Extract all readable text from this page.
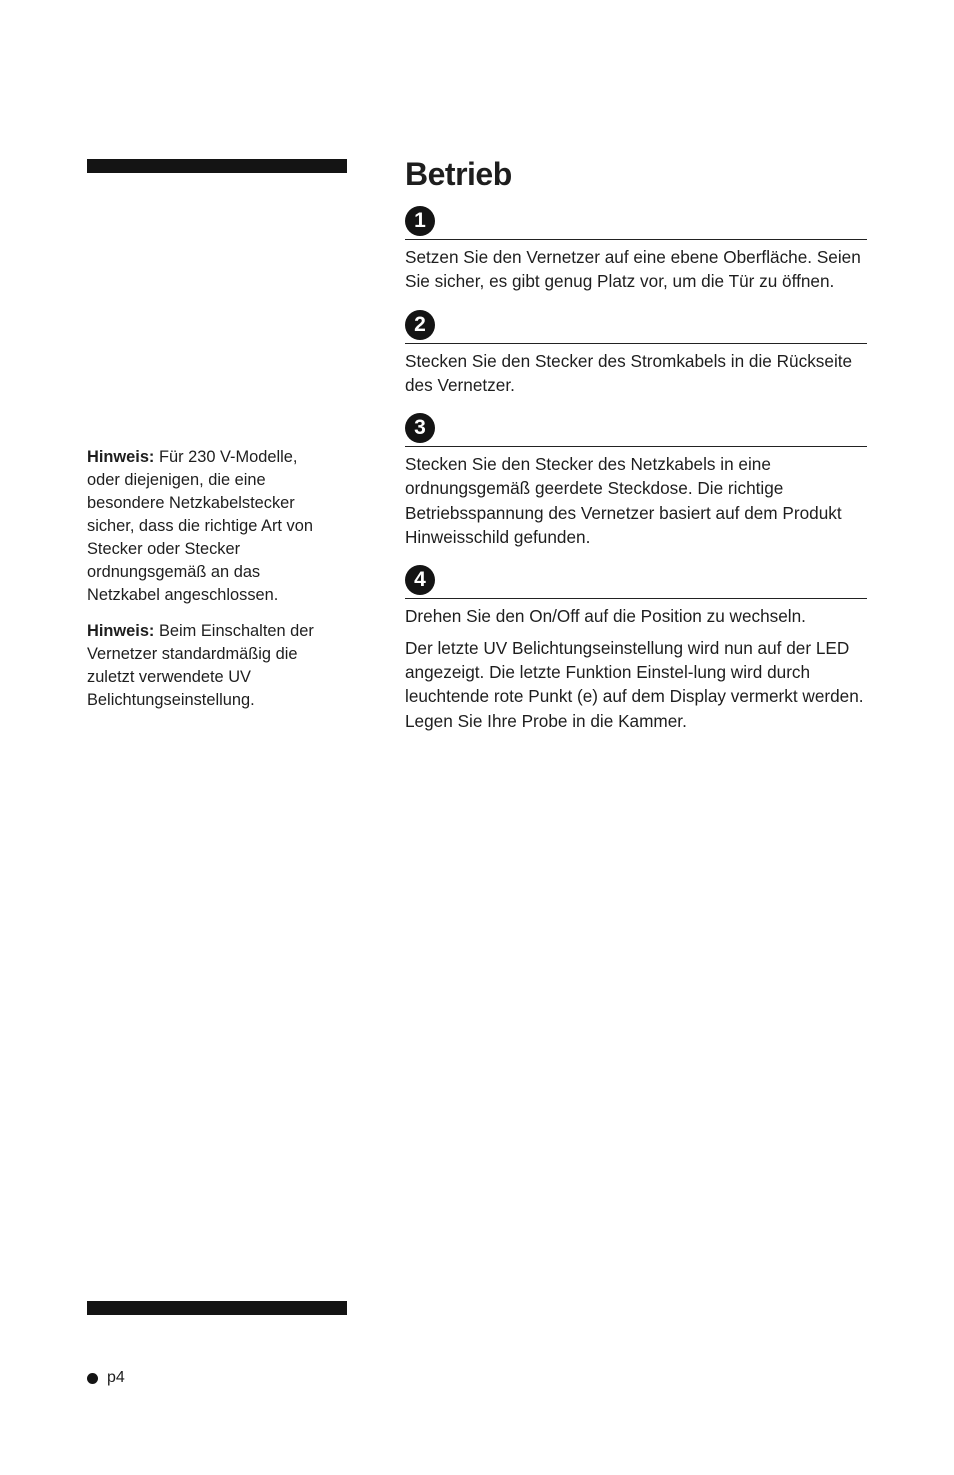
Hinweis: Für 230 V-Modelle, oder diejenigen, die eine besondere Netzkabelstecker sicher, dass die richtige Art von Stecker oder Stecker ordnungsgemäß an das Netzkabel angeschlossen.

Hinweis: Beim Einschalten der Vernetzer standardmäßig die zuletzt verwendete UV Belichtungseinstellung.

Betrieb
1

Setzen Sie den Vernetzer auf eine ebene Oberfläche. Seien Sie sicher, es gibt genug Platz vor, um die Tür zu öffnen.

2

Stecken Sie den Stecker des Stromkabels in die Rückseite des Vernetzer.

3

Stecken Sie den Stecker des Netzkabels in eine ordnungsgemäß geerdete Steckdose. Die richtige Betriebsspannung des Vernetzer basiert auf dem Produkt Hinweisschild gefunden.

4

Drehen Sie den On/Off auf die Position zu wechseln.

Der letzte UV Belichtungseinstellung wird nun auf der LED angezeigt. Die letzte Funktion Einstel-lung wird durch leuchtende rote Punkt (e) auf dem Display vermerkt werden. Legen Sie Ihre Probe in die Kammer.

p4
